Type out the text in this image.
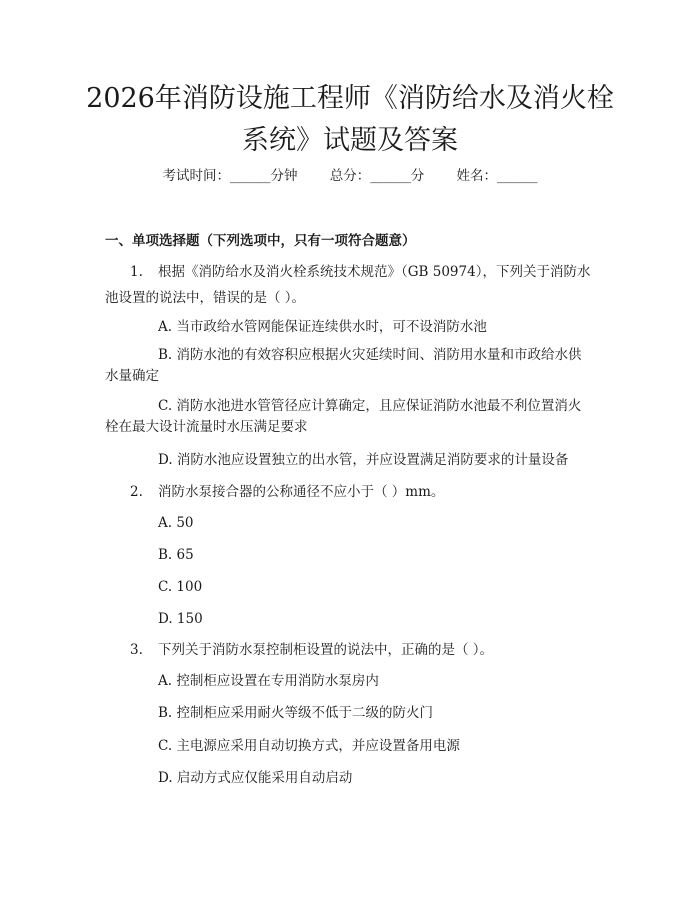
2026年消防设施工程师《消防给水及消火栓
系统》试题及答案
考试时间：______分钟 总分：______分 姓名：______
一、单项选择题（下列选项中，只有一项符合题意）
1. 根据《消防给水及消火栓系统技术规范》（GB 50974），下列关于消防水
池设置的说法中，错误的是（ ）。
A. 当市政给水管网能保证连续供水时，可不设消防水池
B. 消防水池的有效容积应根据火灾延续时间、消防用水量和市政给水供
水量确定
C. 消防水池进水管管径应计算确定，且应保证消防水池最不利位置消火
栓在最大设计流量时水压满足要求
D. 消防水池应设置独立的出水管，并应设置满足消防要求的计量设备
2. 消防水泵接合器的公称通径不应小于（ ）mm。
A. 50
B. 65
C. 100
D. 150
3. 下列关于消防水泵控制柜设置的说法中，正确的是（ ）。
A. 控制柜应设置在专用消防水泵房内
B. 控制柜应采用耐火等级不低于二级的防火门
C. 主电源应采用自动切换方式，并应设置备用电源
D. 启动方式应仅能采用自动启动
